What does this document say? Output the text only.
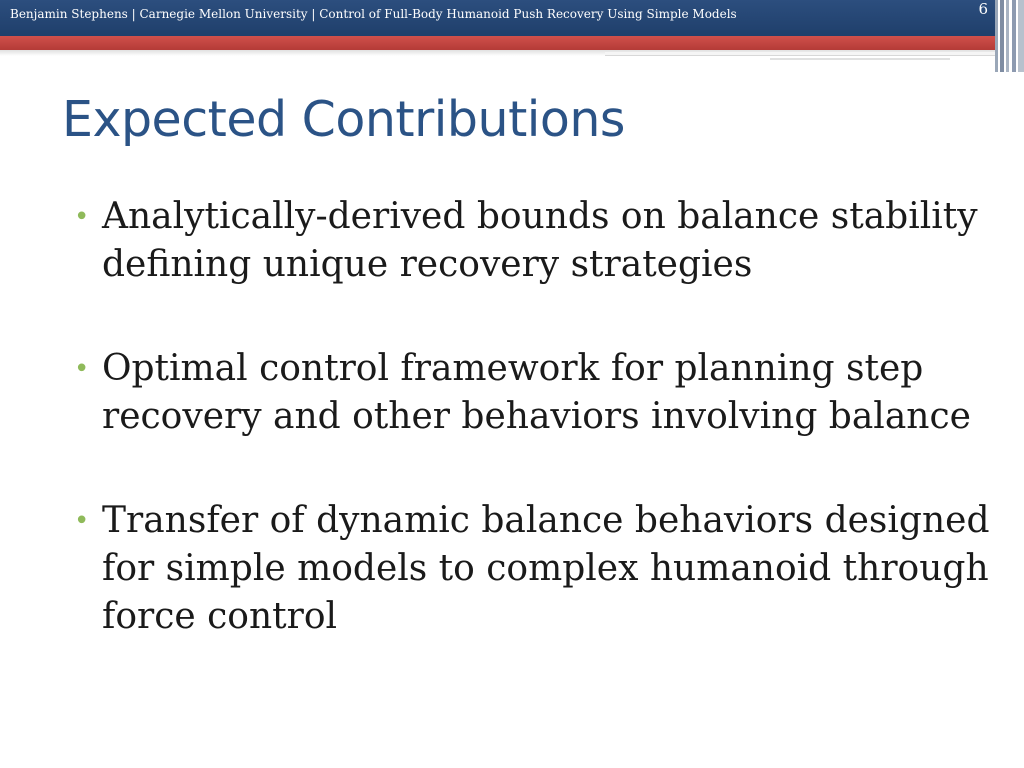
Benjamin Stephens | Carnegie Mellon University | Control of Full-Body Humanoid Push Recovery Using Simple Models	6
Expected Contributions
• Analytically-derived bounds on balance stability defining unique recovery strategies
• Optimal control framework for planning step recovery and other behaviors involving balance
• Transfer of dynamic balance behaviors designed for simple models to complex humanoid through force control
